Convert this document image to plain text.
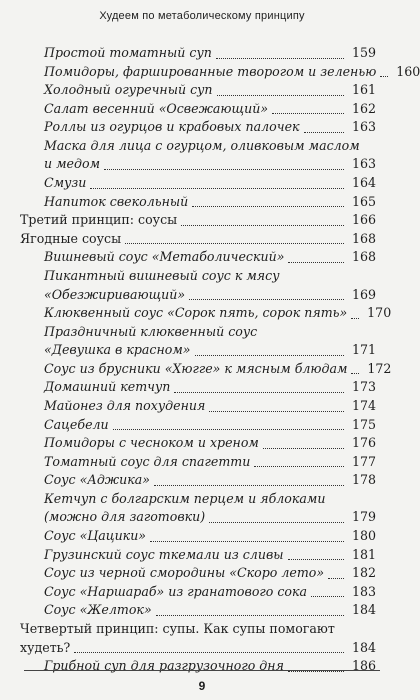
Худеем по метаболическому принципу
Простой томатный суп	159
Помидоры, фаршированные творогом и зеленью	160
Холодный огуречный суп	161
Салат весенний «Освежающий»	162
Роллы из огурцов и крабовых палочек	163
Маска для лица с огурцом, оливковым маслом
и медом	163
Смузи	164
Напиток свекольный	165
Третий принцип: соусы	166
Ягодные соусы	168
Вишневый соус «Метаболический»	168
Пикантный вишневый соус к мясу
«Обезжиривающий»	169
Клюквенный соус «Сорок пять, сорок пять»	170
Праздничный клюквенный соус
«Девушка в красном»	171
Соус из брусники «Хюгге» к мясным блюдам	172
Домашний кетчуп	173
Майонез для похудения	174
Сацебели	175
Помидоры с чесноком и хреном	176
Томатный соус для спагетти	177
Соус «Аджика»	178
Кетчуп с болгарским перцем и яблоками
(можно для заготовки)	179
Соус «Цацики»	180
Грузинский соус ткемали из сливы	181
Соус из черной смородины «Скоро лето»	182
Соус «Наршараб» из гранатового сока	183
Соус «Желток»	184
Четвертый принцип: супы. Как супы помогают
худеть?	184
Грибной суп для разгрузочного дня	186
9
